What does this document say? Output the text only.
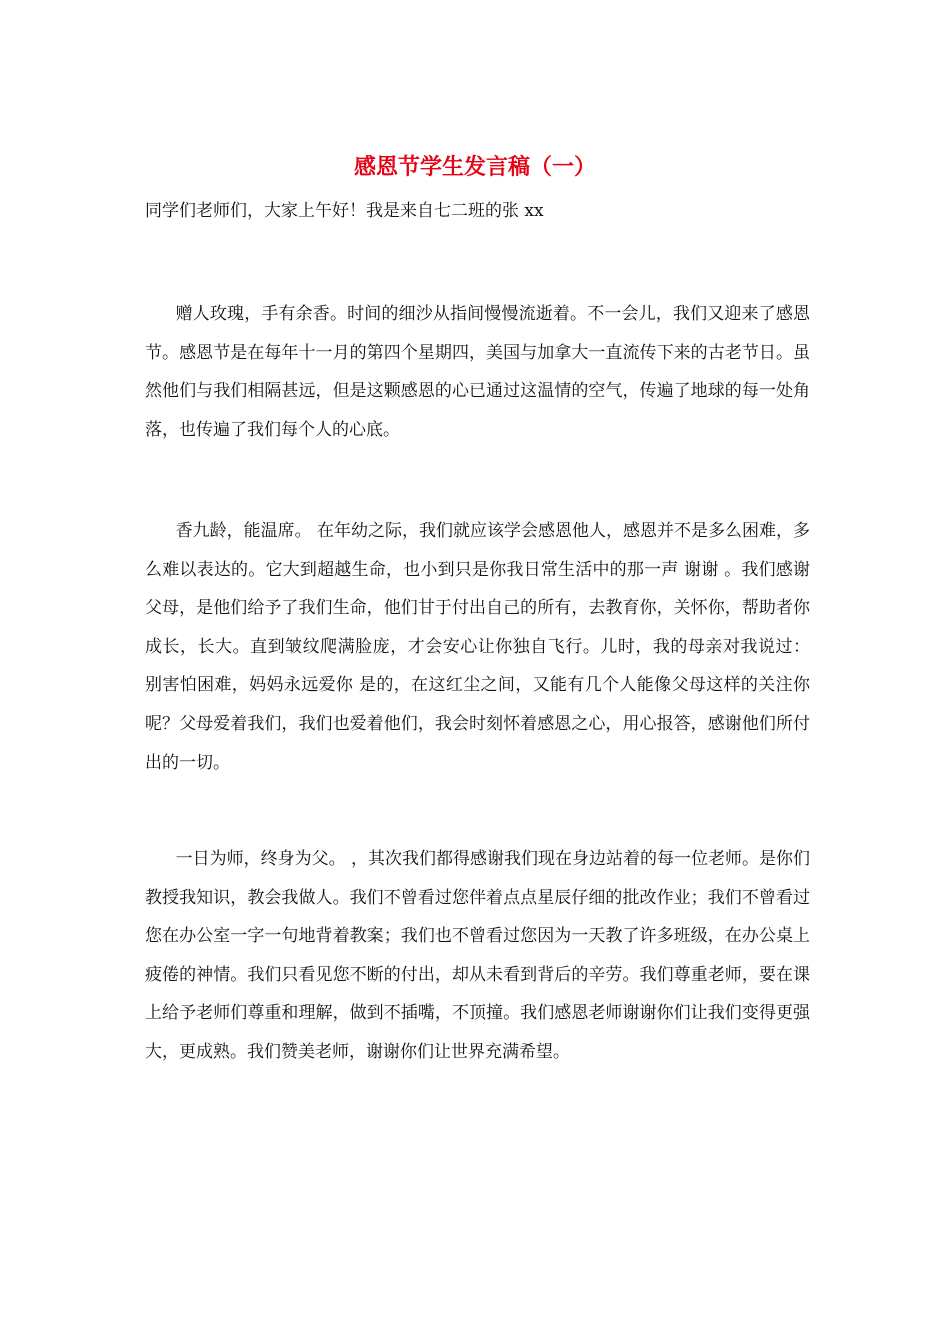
感恩节学生发言稿（一）

同学们老师们，大家上午好！我是来自七二班的张 xx

赠人玫瑰，手有余香。时间的细沙从指间慢慢流逝着。不一会儿，我们又迎来了感恩节。感恩节是在每年十一月的第四个星期四，美国与加拿大一直流传下来的古老节日。虽然他们与我们相隔甚远，但是这颗感恩的心已通过这温情的空气，传遍了地球的每一处角落，也传遍了我们每个人的心底。

香九龄，能温席。 在年幼之际，我们就应该学会感恩他人，感恩并不是多么困难，多么难以表达的。它大到超越生命，也小到只是你我日常生活中的那一声 谢谢 。我们感谢父母，是他们给予了我们生命，他们甘于付出自己的所有，去教育你，关怀你，帮助者你成长，长大。直到皱纹爬满脸庞，才会安心让你独自飞行。儿时，我的母亲对我说过： 别害怕困难，妈妈永远爱你 是的，在这红尘之间，又能有几个人能像父母这样的关注你呢？父母爱着我们，我们也爱着他们，我会时刻怀着感恩之心，用心报答，感谢他们所付出的一切。

一日为师，终身为父。 ，其次我们都得感谢我们现在身边站着的每一位老师。是你们教授我知识，教会我做人。我们不曾看过您伴着点点星辰仔细的批改作业；我们不曾看过您在办公室一字一句地背着教案；我们也不曾看过您因为一天教了许多班级，在办公桌上疲倦的神情。我们只看见您不断的付出，却从未看到背后的辛劳。我们尊重老师，要在课上给予老师们尊重和理解，做到不插嘴，不顶撞。我们感恩老师谢谢你们让我们变得更强大，更成熟。我们赞美老师，谢谢你们让世界充满希望。
